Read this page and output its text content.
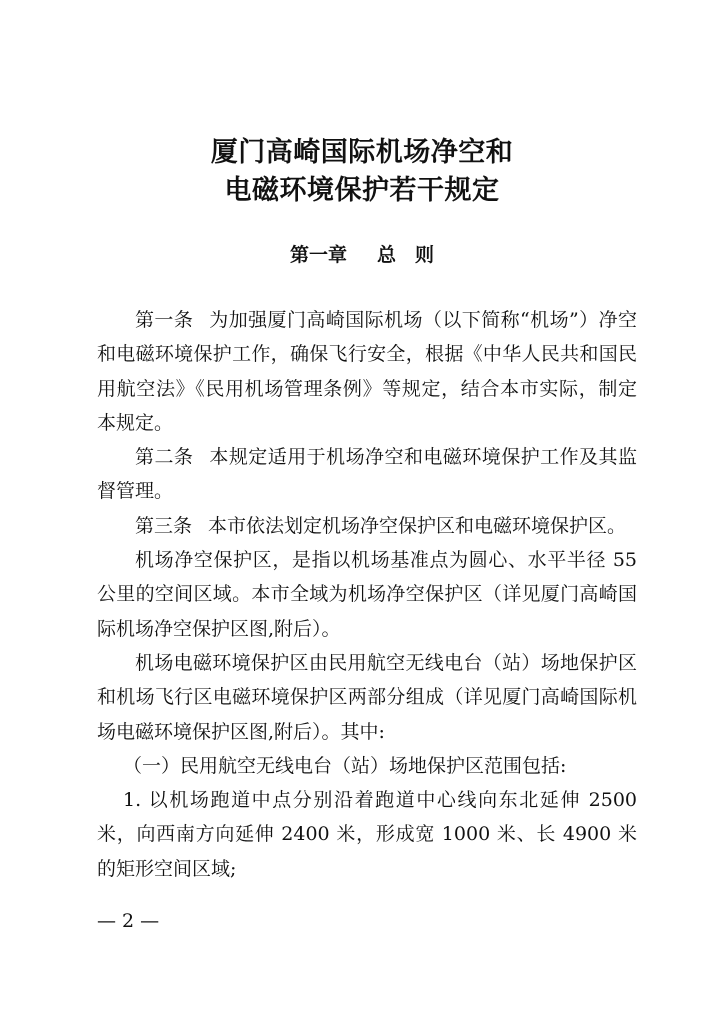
厦门高崎国际机场净空和
电磁环境保护若干规定
第一章 总　则

第一条 为加强厦门高崎国际机场（以下简称“机场”）净空和电磁环境保护工作，确保飞行安全，根据《中华人民共和国民用航空法》《民用机场管理条例》等规定，结合本市实际，制定本规定。

第二条 本规定适用于机场净空和电磁环境保护工作及其监督管理。

第三条 本市依法划定机场净空保护区和电磁环境保护区。

机场净空保护区，是指以机场基准点为圆心、水平半径 55 公里的空间区域。本市全域为机场净空保护区（详见厦门高崎国际机场净空保护区图,附后）。

机场电磁环境保护区由民用航空无线电台（站）场地保护区和机场飞行区电磁环境保护区两部分组成（详见厦门高崎国际机场电磁环境保护区图,附后）。其中:

（一）民用航空无线电台（站）场地保护区范围包括:

1. 以机场跑道中点分别沿着跑道中心线向东北延伸 2500 米，向西南方向延伸 2400 米，形成宽 1000 米、长 4900 米的矩形空间区域;

— 2 —
